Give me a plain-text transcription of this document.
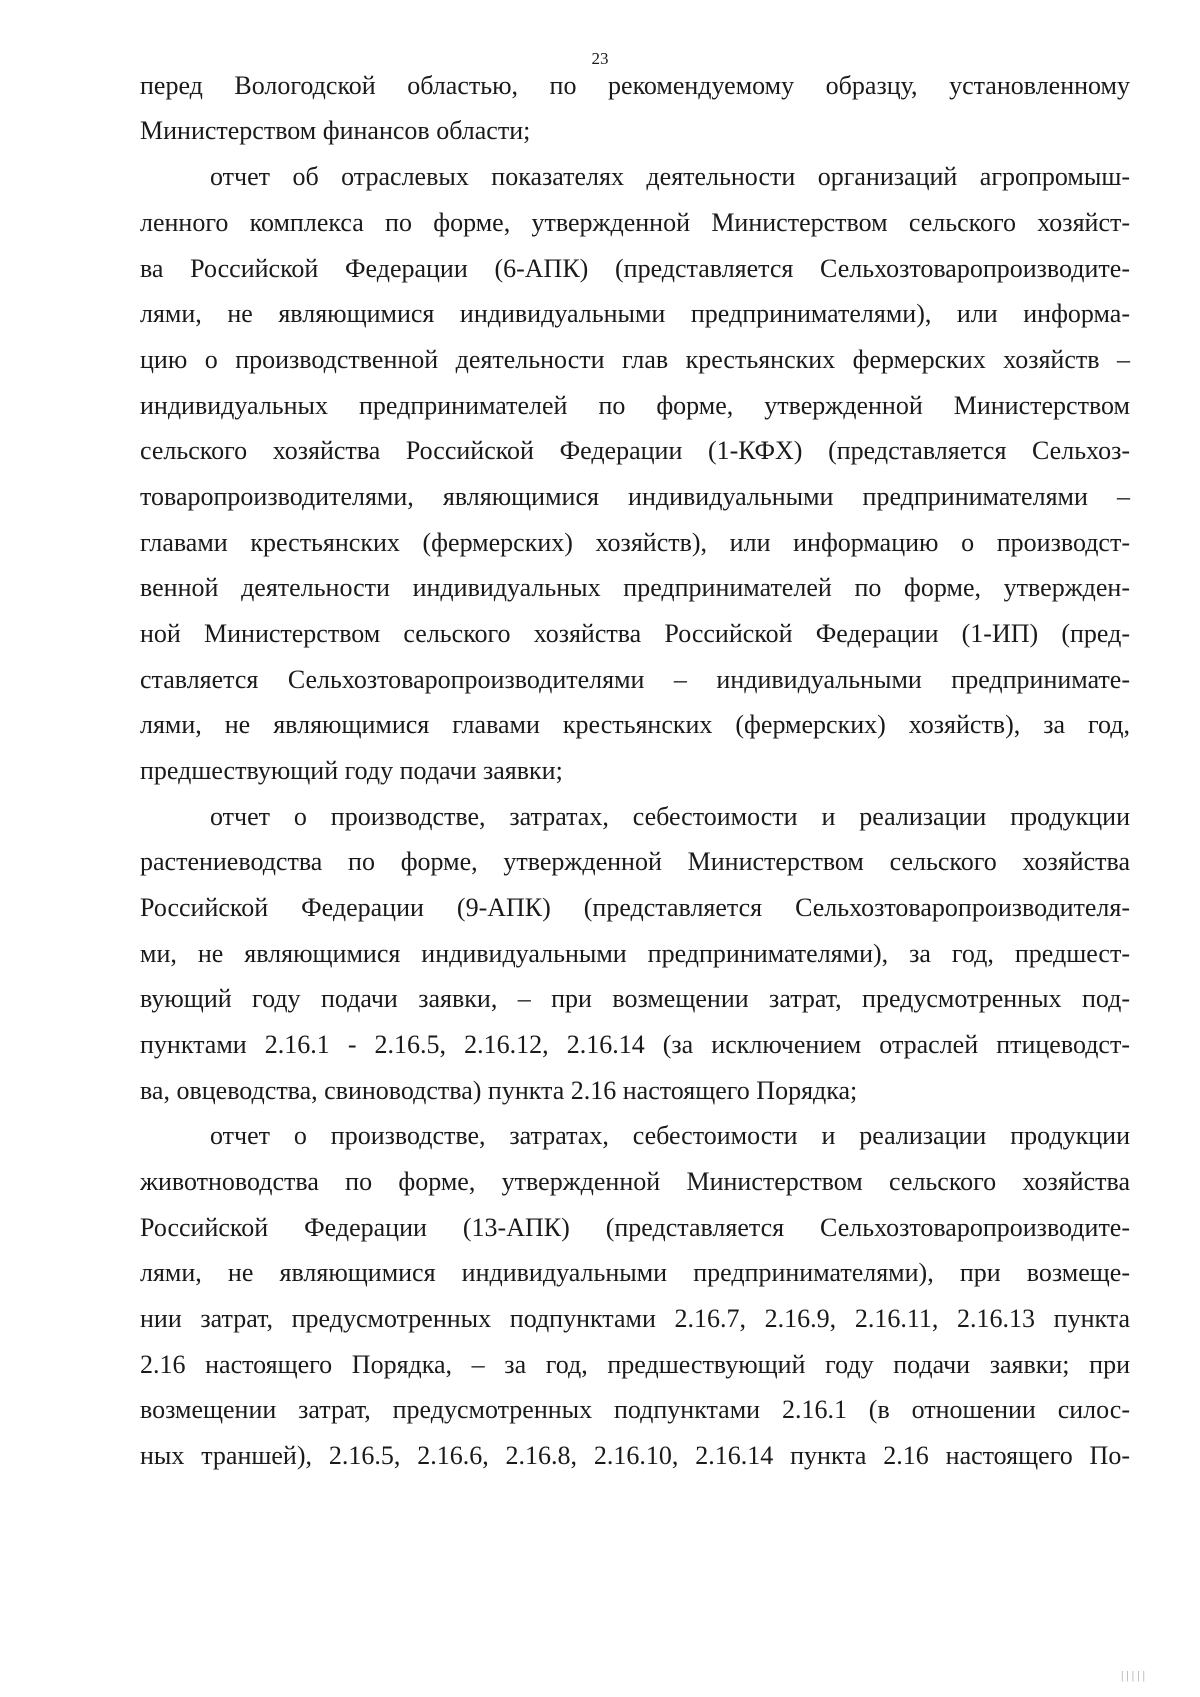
23
перед Вологодской областью, по рекомендуемому образцу, установленному
Министерством финансов области;
отчет об отраслевых показателях деятельности организаций агропромыш-
ленного комплекса по форме, утвержденной Министерством сельского хозяйст-
ва Российской Федерации (6-АПК) (представляется Сельхозтоваропроизводите-
лями, не являющимися индивидуальными предпринимателями), или информа-
цию о производственной деятельности глав крестьянских фермерских хозяйств –
индивидуальных предпринимателей по форме, утвержденной Министерством
сельского хозяйства Российской Федерации (1-КФХ) (представляется Сельхоз-
товаропроизводителями, являющимися индивидуальными предпринимателями –
главами крестьянских (фермерских) хозяйств), или информацию о производст-
венной деятельности индивидуальных предпринимателей по форме, утвержден-
ной Министерством сельского хозяйства Российской Федерации (1-ИП) (пред-
ставляется Сельхозтоваропроизводителями – индивидуальными предпринимате-
лями, не являющимися главами крестьянских (фермерских) хозяйств), за год,
предшествующий году подачи заявки;
отчет о производстве, затратах, себестоимости и реализации продукции
растениеводства по форме, утвержденной Министерством сельского хозяйства
Российской Федерации (9-АПК) (представляется Сельхозтоваропроизводителя-
ми, не являющимися индивидуальными предпринимателями), за год, предшест-
вующий году подачи заявки, – при возмещении затрат, предусмотренных под-
пунктами 2.16.1 - 2.16.5, 2.16.12, 2.16.14 (за исключением отраслей птицеводст-
ва, овцеводства, свиноводства) пункта 2.16 настоящего Порядка;
отчет о производстве, затратах, себестоимости и реализации продукции
животноводства по форме, утвержденной Министерством сельского хозяйства
Российской Федерации (13-АПК) (представляется Сельхозтоваропроизводите-
лями, не являющимися индивидуальными предпринимателями), при возмеще-
нии затрат, предусмотренных подпунктами 2.16.7, 2.16.9, 2.16.11, 2.16.13 пункта
2.16 настоящего Порядка, – за год, предшествующий году подачи заявки; при
возмещении затрат, предусмотренных подпунктами 2.16.1 (в отношении силос-
ных траншей), 2.16.5, 2.16.6, 2.16.8, 2.16.10, 2.16.14 пункта 2.16 настоящего По-
|||||
